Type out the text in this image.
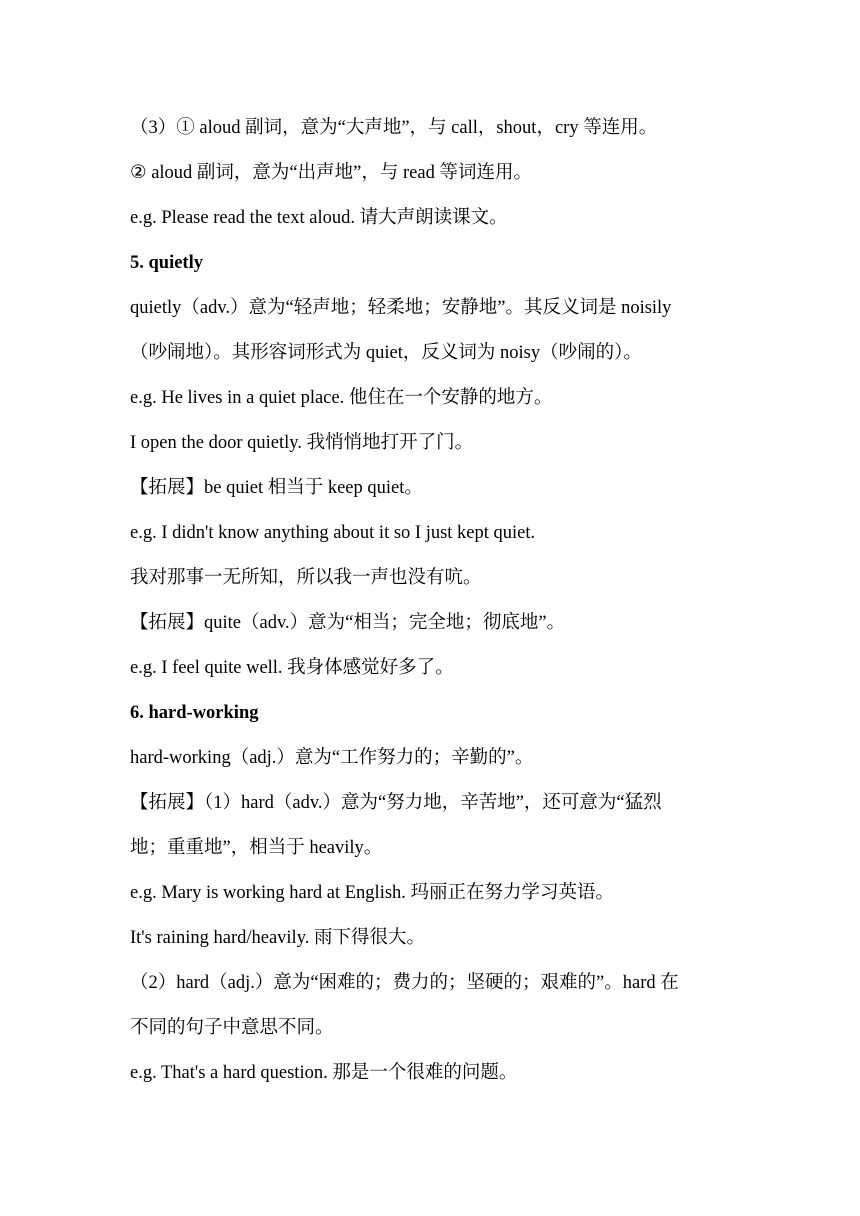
（3）① aloud 副词，意为“大声地”，与 call，shout，cry 等连用。
② aloud 副词，意为“出声地”，与 read 等词连用。
e.g. Please read the text aloud. 请大声朗读课文。
5. quietly
quietly（adv.）意为“轻声地；轻柔地；安静地”。其反义词是 noisily
（吵闹地）。其形容词形式为 quiet，反义词为 noisy（吵闹的）。
e.g. He lives in a quiet place. 他住在一个安静的地方。
I open the door quietly. 我悄悄地打开了门。
【拓展】be quiet 相当于 keep quiet。
e.g. I didn't know anything about it so I just kept quiet.
我对那事一无所知，所以我一声也没有吭。
【拓展】quite（adv.）意为“相当；完全地；彻底地”。
e.g. I feel quite well. 我身体感觉好多了。
6. hard-working
hard-working（adj.）意为“工作努力的；辛勤的”。
【拓展】（1）hard（adv.）意为“努力地，辛苦地”，还可意为“猛烈
地；重重地”，相当于 heavily。
e.g. Mary is working hard at English. 玛丽正在努力学习英语。
It's raining hard/heavily. 雨下得很大。
（2）hard（adj.）意为“困难的；费力的；坚硬的；艰难的”。hard 在
不同的句子中意思不同。
e.g. That's a hard question. 那是一个很难的问题。
